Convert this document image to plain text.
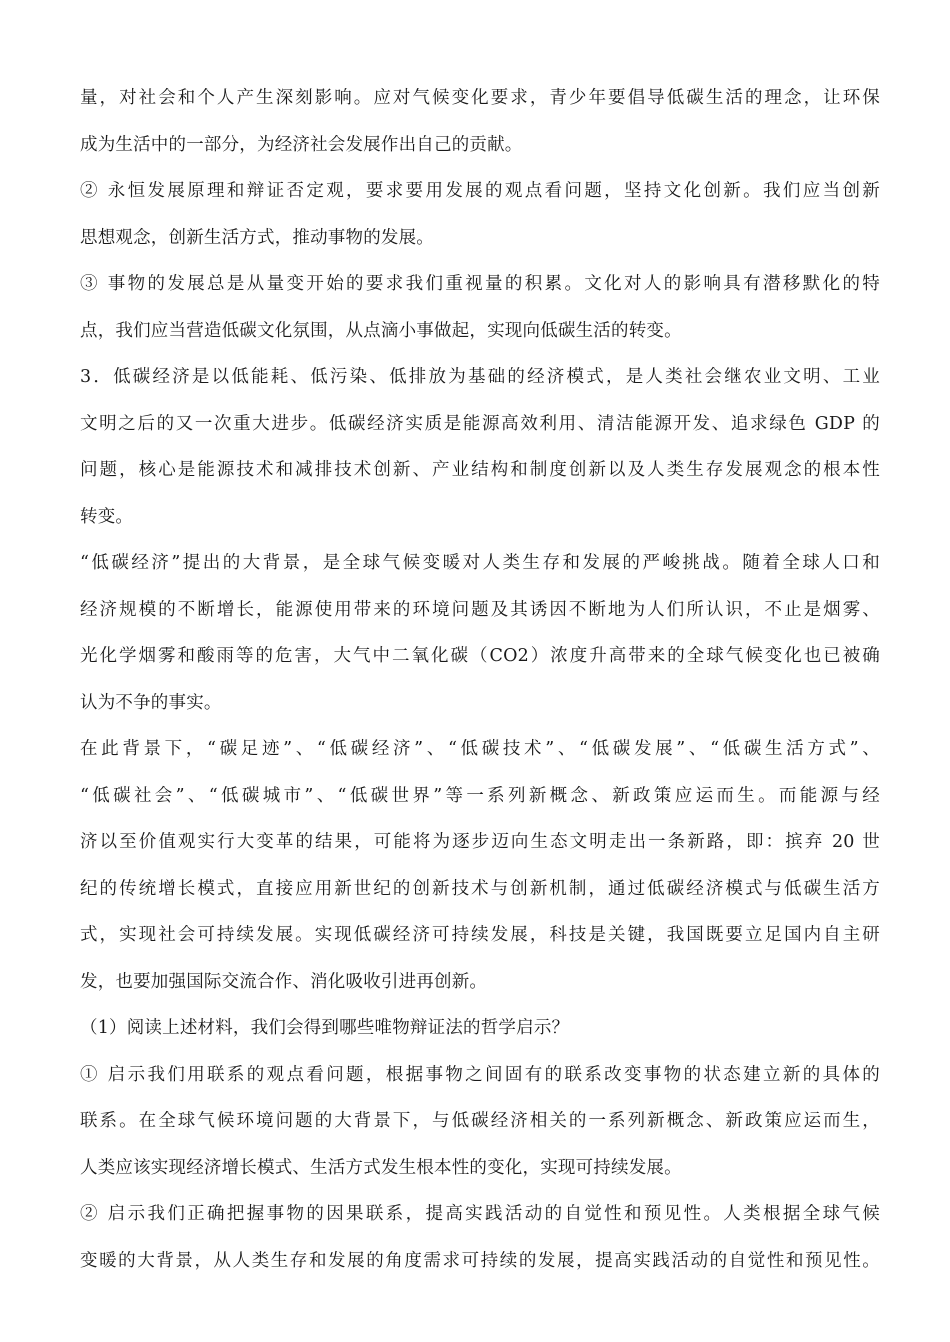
量，对社会和个人产生深刻影响。应对气候变化要求，青少年要倡导低碳生活的理念，让环保
成为生活中的一部分，为经济社会发展作出自己的贡献。
② 永恒发展原理和辩证否定观，要求要用发展的观点看问题，坚持文化创新。我们应当创新
思想观念，创新生活方式，推动事物的发展。
③ 事物的发展总是从量变开始的要求我们重视量的积累。文化对人的影响具有潜移默化的特
点，我们应当营造低碳文化氛围，从点滴小事做起，实现向低碳生活的转变。
3．低碳经济是以低能耗、低污染、低排放为基础的经济模式，是人类社会继农业文明、工业
文明之后的又一次重大进步。低碳经济实质是能源高效利用、清洁能源开发、追求绿色 GDP 的
问题，核心是能源技术和减排技术创新、产业结构和制度创新以及人类生存发展观念的根本性
转变。
“低碳经济”提出的大背景，是全球气候变暖对人类生存和发展的严峻挑战。随着全球人口和
经济规模的不断增长，能源使用带来的环境问题及其诱因不断地为人们所认识，不止是烟雾、
光化学烟雾和酸雨等的危害，大气中二氧化碳（CO2）浓度升高带来的全球气候变化也已被确
认为不争的事实。
在此背景下，“碳足迹”、“低碳经济”、“低碳技术”、“低碳发展”、“低碳生活方式”、
“低碳社会”、“低碳城市”、“低碳世界”等一系列新概念、新政策应运而生。而能源与经
济以至价值观实行大变革的结果，可能将为逐步迈向生态文明走出一条新路，即：摈弃 20 世
纪的传统增长模式，直接应用新世纪的创新技术与创新机制，通过低碳经济模式与低碳生活方
式，实现社会可持续发展。实现低碳经济可持续发展，科技是关键，我国既要立足国内自主研
发，也要加强国际交流合作、消化吸收引进再创新。
（1）阅读上述材料，我们会得到哪些唯物辩证法的哲学启示？
① 启示我们用联系的观点看问题，根据事物之间固有的联系改变事物的状态建立新的具体的
联系。在全球气候环境问题的大背景下，与低碳经济相关的一系列新概念、新政策应运而生，
人类应该实现经济增长模式、生活方式发生根本性的变化，实现可持续发展。
② 启示我们正确把握事物的因果联系，提高实践活动的自觉性和预见性。人类根据全球气候
变暖的大背景，从人类生存和发展的角度需求可持续的发展，提高实践活动的自觉性和预见性。
